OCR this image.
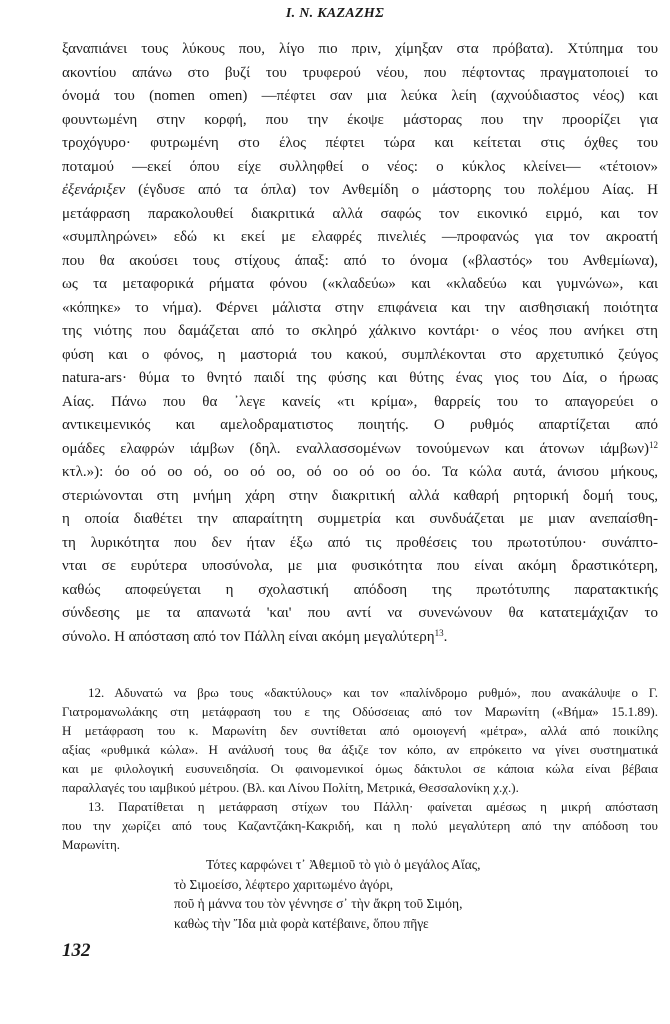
Ι. Ν. ΚΑΖΑΖΗΣ
ξαναπιάνει τους λύκους που, λίγο πιο πριν, χίμηξαν στα πρόβατα). Χτύπημα του
ακοντίου απάνω στο βυζί του τρυφερού νέου, που πέφτοντας πραγματοποιεί το
όνομά του (nomen omen) —πέφτει σαν μια λεύκα λείη (αχνούδιαστος νέος) και
φουντωμένη στην κορφή, που την έκοψε μάστορας που την προορίζει για
τροχόγυρο· φυτρωμένη στο έλος πέφτει τώρα και κείτεται στις όχθες του
ποταμού —εκεί όπου είχε συλληφθεί ο νέος: ο κύκλος κλείνει— «τέτοιον»
ἐξενάριξεν (έγδυσε από τα όπλα) τον Ανθεμίδη ο μάστορης του πολέμου Αίας. Η
μετάφραση παρακολουθεί διακριτικά αλλά σαφώς τον εικονικό ειρμό, και τον
«συμπληρώνει» εδώ κι εκεί με ελαφρές πινελιές —προφανώς για τον ακροατή
που θα ακούσει τους στίχους άπαξ: από το όνομα («βλαστός» του Ανθεμίωνα),
ως τα μεταφορικά ρήματα φόνου («κλαδεύω» και «κλαδεύω και γυμνώνω», και
«κόπηκε» το νήμα). Φέρνει μάλιστα στην επιφάνεια και την αισθησιακή ποιότητα
της νιότης που δαμάζεται από το σκληρό χάλκινο κοντάρι· ο νέος που ανήκει στη
φύση και ο φόνος, η μαστοριά του κακού, συμπλέκονται στο αρχετυπικό ζεύγος
natura-ars· θύμα το θνητό παιδί της φύσης και θύτης ένας γιος του Δία, ο ήρωας
Αίας. Πάνω που θα ᾽λεγε κανείς «τι κρίμα», θαρρείς του το απαγορεύει ο
αντικειμενικός και αμελοδραματιστος ποιητής. Ο ρυθμός απαρτίζεται από
ομάδες ελαφρών ιάμβων (δηλ. εναλλασσομένων τονούμενων και άτονων ιάμβων)$^{12}$
κτλ.»): όο οό οο οό, οο οό οο, οό οο οό οο όο. Τα κώλα αυτά, άνισου μήκους,
στεριώνονται στη μνήμη χάρη στην διακριτική αλλά καθαρή ρητορική δομή τους,
η οποία διαθέτει την απαραίτητη συμμετρία και συνδυάζεται με μιαν ανεπαίσθη-
τη λυρικότητα που δεν ήταν έξω από τις προθέσεις του πρωτοτύπου· συνάπτο-
νται σε ευρύτερα υποσύνολα, με μια φυσικότητα που είναι ακόμη δραστικότερη,
καθώς αποφεύγεται η σχολαστική απόδοση της πρωτότυπης παρατακτικής
σύνδεσης με τα απανωτά 'και' που αντί να συνενώνουν θα κατατεμάχιζαν το
σύνολο. Η απόσταση από τον Πάλλη είναι ακόμη μεγαλύτερη$^{13}$.
12. Αδυνατώ να βρω τους «δακτύλους» και τον «παλίνδρομο ρυθμό», που ανακάλυψε ο Γ.
Γιατρομανωλάκης στη μετάφραση του ε της Οδύσσειας από τον Μαρωνίτη («Βήμα» 15.1.89).
Η μετάφραση του κ. Μαρωνίτη δεν συντίθεται από ομοιογενή «μέτρα», αλλά από ποικίλης
αξίας «ρυθμικά κώλα». Η ανάλυσή τους θα άξιζε τον κόπο, αν επρόκειτο να γίνει συστηματικά
και με φιλολογική ευσυνειδησία. Οι φαινομενικοί όμως δάκτυλοι σε κάποια κώλα είναι βέβαια
παραλλαγές του ιαμβικού μέτρου. (Βλ. και Λίνου Πολίτη, Μετρικά, Θεσσαλονίκη χ.χ.).
13. Παρατίθεται η μετάφραση στίχων του Πάλλη· φαίνεται αμέσως η μικρή απόσταση
που την χωρίζει από τους Καζαντζάκη-Κακριδή, και η πολύ μεγαλύτερη από την απόδοση του
Μαρωνίτη.
Τότες καρφώνει τ᾽ Ἀθεμιοῦ τὸ γιὸ ὁ μεγάλος Αἴας,
τὸ Σιμοείσο, λέφτερο χαριτωμένο ἀγόρι,
ποῦ ἡ μάννα του τὸν γέννησε σ᾽ τὴν ἄκρη τοῦ Σιμόη,
καθὼς τὴν Ἴδα μιὰ φορὰ κατέβαινε, ὅπου πῆγε
132
